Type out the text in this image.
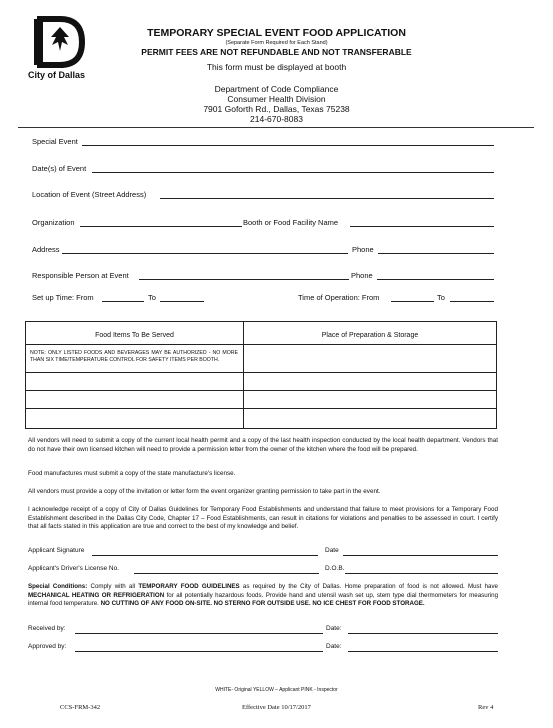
City of Dallas
TEMPORARY SPECIAL EVENT FOOD APPLICATION
(Separate Form Required for Each Stand)
PERMIT FEES ARE NOT REFUNDABLE AND NOT TRANSFERABLE
This form must be displayed at booth
Department of Code Compliance
Consumer Health Division
7901 Goforth Rd., Dallas, Texas 75238
214-670-8083
Special Event
Date(s) of Event
Location of Event (Street Address)
Organization	Booth or Food Facility Name
Address	Phone
Responsible Person at Event	Phone
Set up Time: From	To	Time of Operation: From	To
Food Items To Be Served	Place of Preparation & Storage
NOTE: ONLY LISTED FOODS AND BEVERAGES MAY BE AUTHORIZED - NO MORE THAN SIX TIME/TEMPERATURE CONTROL FOR SAFETY ITEMS PER BOOTH.
All vendors will need to submit a copy of the current local health permit and a copy of the last health inspection conducted by the local health department. Vendors that do not have their own licensed kitchen will need to provide a permission letter from the owner of the kitchen where the food will be prepared.
Food manufactures must submit a copy of the state manufacture's license.
All vendors must provide a copy of the invitation or letter form the event organizer granting permission to take part in the event.
I acknowledge receipt of a copy of City of Dallas Guidelines for Temporary Food Establishments and understand that failure to meet provisions for a Temporary Food Establishment described in the Dallas City Code, Chapter 17 – Food Establishments, can result in citations for violations and penalties to be assessed in court. I certify that all facts stated in this application are true and correct to the best of my knowledge and belief.
Applicant Signature	Date
Applicant's Driver's License No.	D.O.B.
Special Conditions: Comply with all TEMPORARY FOOD GUIDELINES as required by the City of Dallas. Home preparation of food is not allowed. Must have MECHANICAL HEATING OR REFRIGERATION for all potentially hazardous foods. Provide hand and utensil wash set up, stem type dial thermometers for measuring internal food temperature. NO CUTTING OF ANY FOOD ON-SITE. NO STERNO FOR OUTSIDE USE. NO ICE CHEST FOR FOOD STORAGE.
Received by:	Date:
Approved by:	Date:
WHITE- Original YELLOW – Applicant PINK - Inspector
CCS-FRM-342	Effective Date 10/17/2017	Rev 4
